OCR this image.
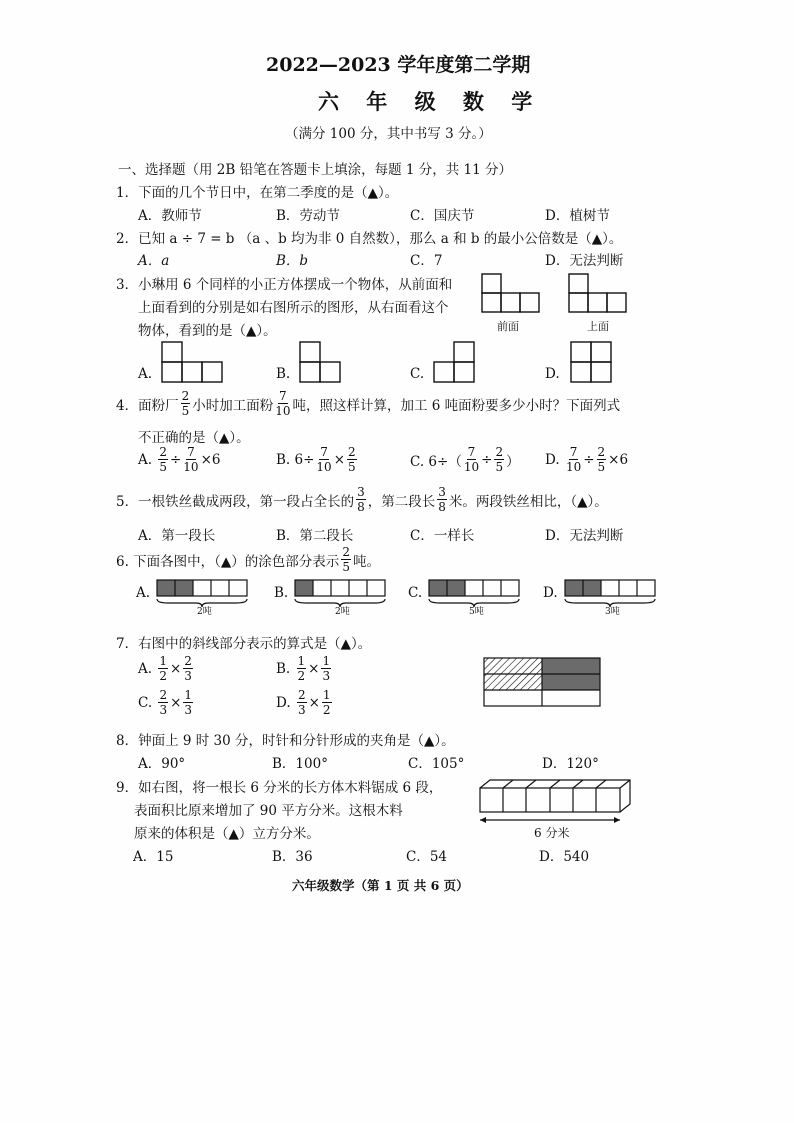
2022—2023 学年度第二学期
六 年 级 数 学
（满分 100 分，其中书写 3 分。）
一、选择题（用 2B 铅笔在答题卡上填涂，每题 1 分，共 11 分）
1．下面的几个节日中，在第二季度的是（▲）。
A．教师节	B．劳动节	C．国庆节	D．植树节
2．已知 a ÷ 7 = b （a 、b 均为非 0 自然数），那么 a 和 b 的最小公倍数是（▲）。
A．a	B．b	C．7	D．无法判断
3．小琳用 6 个同样的小正方体摆成一个物体，从前面和
上面看到的分别是如右图所示的图形，从右面看这个
物体，看到的是（▲）。	前面	上面
A.	B.	C.	D.
4．面粉厂 $\frac{2}{5}$ 小时加工面粉 $\frac{7}{10}$ 吨，照这样计算，加工 6 吨面粉要多少小时？下面列式
不正确的是（▲）。
A.
$\frac{2}{5} \div \frac{7}{10} \times 6$	B. $6\div \frac{7}{10} \times \frac{2}{5}$	C. $6\div( \frac{7}{10} \div \frac{2}{5}$ ） D.
$\frac{7}{10} \div \frac{2}{5} \times 6$
5．一根铁丝截成两段，第一段占全长的 $\frac{3}{8}$ ，第二段长 $\frac{3}{8}$ 米。两段铁丝相比，（▲）。
A．第一段长	B．第二段长	C．一样长	D．无法判断
6. 下面各图中，（▲）的涂色部分表示 $\frac{2}{5}$ 吨。
A.
2吨
B.
2吨
C.
5吨
D.
3吨
7．右图中的斜线部分表示的算式是（▲）。
A.
$\frac{1}{2} \times \frac{2}{3}$	B.
$\frac{1}{2} \times \frac{1}{3}$
C.
$\frac{2}{3} \times \frac{1}{3}$	D.
$\frac{2}{3} \times \frac{1}{2}$
8．钟面上 9 时 30 分，时针和分针形成的夹角是（▲）。
A．90°	B．100°	C．105°	D．120°
9．如右图，将一根长 6 分米的长方体木料锯成 6 段，
表面积比原来增加了 90 平方分米。这根木料
原来的体积是（▲）立方分米。	6 分米
A．15	B．36	C．54	D．540
六年级数学（第 1 页 共 6 页）
